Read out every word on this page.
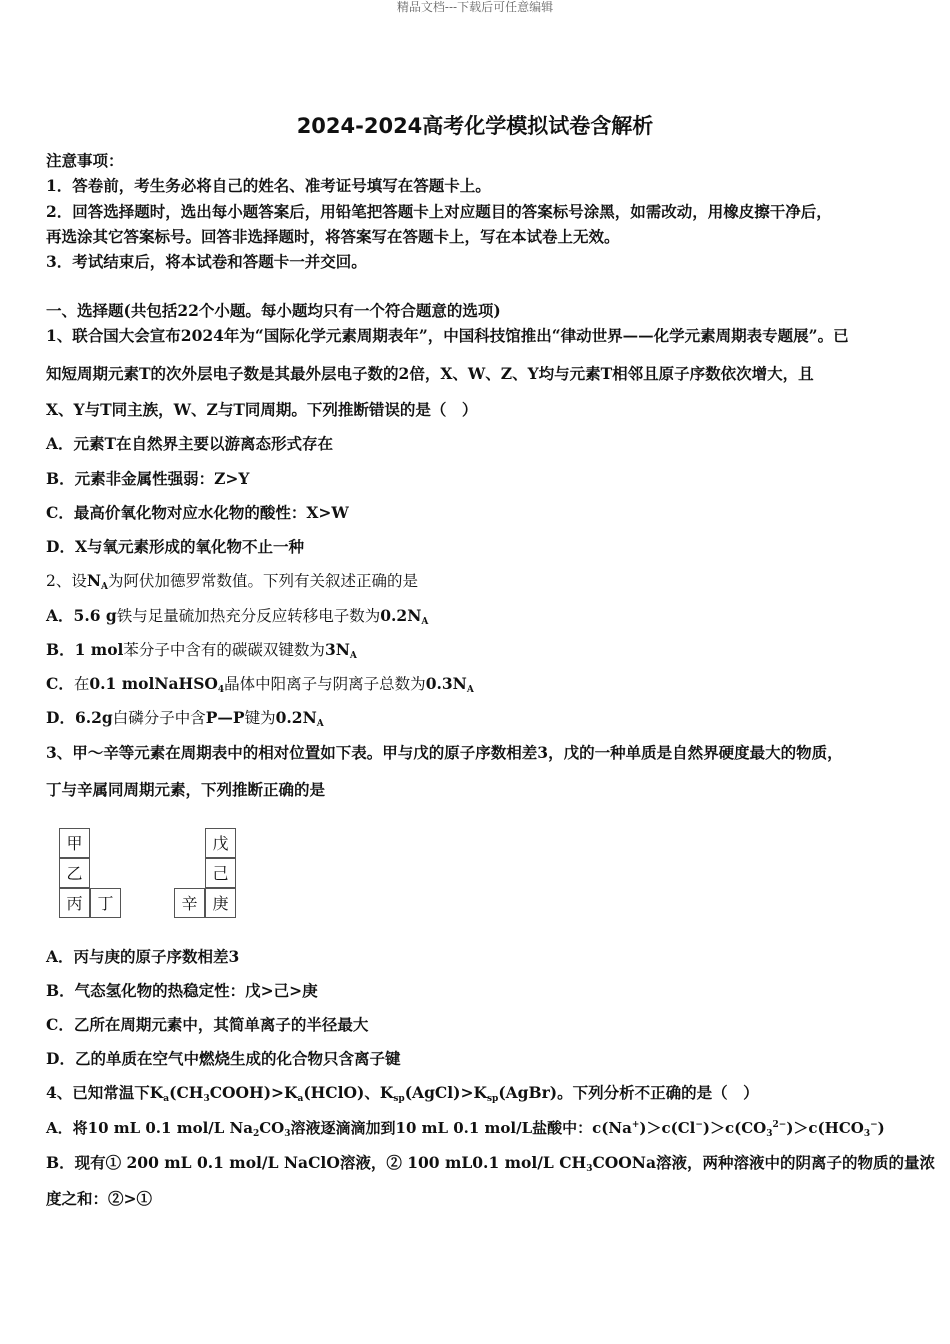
精品文档---下载后可任意编辑
2024-2024高考化学模拟试卷含解析
注意事项：
1．答卷前，考生务必将自己的姓名、准考证号填写在答题卡上。
2．回答选择题时，选出每小题答案后，用铅笔把答题卡上对应题目的答案标号涂黑，如需改动，用橡皮擦干净后，
再选涂其它答案标号。回答非选择题时，将答案写在答题卡上，写在本试卷上无效。
3．考试结束后，将本试卷和答题卡一并交回。
一、选择题(共包括22个小题。每小题均只有一个符合题意的选项)
1、联合国大会宣布2024年为“国际化学元素周期表年”，中国科技馆推出“律动世界——化学元素周期表专题展”。已
知短周期元素T的次外层电子数是其最外层电子数的2倍，X、W、Z、Y均与元素T相邻且原子序数依次增大，且
X、Y与T同主族，W、Z与T同周期。下列推断错误的是（　）
A．元素T在自然界主要以游离态形式存在
B．元素非金属性强弱：Z>Y
C．最高价氧化物对应水化物的酸性：X>W
D．X与氧元素形成的氧化物不止一种
2、设$N_A$为阿伏加德罗常数值。下列有关叙述正确的是
A．5.6 g铁与足量硫加热充分反应转移电子数为$0.2N_A$
B．1 mol苯分子中含有的碳碳双键数为$3N_A$
C．在0.1 molNaHSO$_4$晶体中阳离子与阴离子总数为$0.3N_A$
D．6.2g白磷分子中含P—P键为$0.2N_A$
3、甲～辛等元素在周期表中的相对位置如下表。甲与戊的原子序数相差3，戊的一种单质是自然界硬度最大的物质，
丁与辛属同周期元素，下列推断正确的是
甲
乙
丙 丁
戊
己
辛 庚
A．丙与庚的原子序数相差3
B．气态氢化物的热稳定性：戊>己>庚
C．乙所在周期元素中，其简单离子的半径最大
D．乙的单质在空气中燃烧生成的化合物只含离子键
4、已知常温下$K_a(CH_3COOH)>K_a(HClO)$、$K_{sp}(AgCl)>K_{sp}(AgBr)$。下列分析不正确的是（　）
A．将10 mL 0.1 mol/L $Na_2CO_3$溶液逐滴滴加到10 mL 0.1 mol/L盐酸中：$c(Na^+)>c(Cl^-)>c(CO_3^{2-})>c(HCO_3^-)$
B．现有① 200 mL 0.1 mol/L NaClO溶液，② 100 mL0.1 mol/L $CH_3COONa$溶液，两种溶液中的阴离子的物质的量浓
度之和：②>①
